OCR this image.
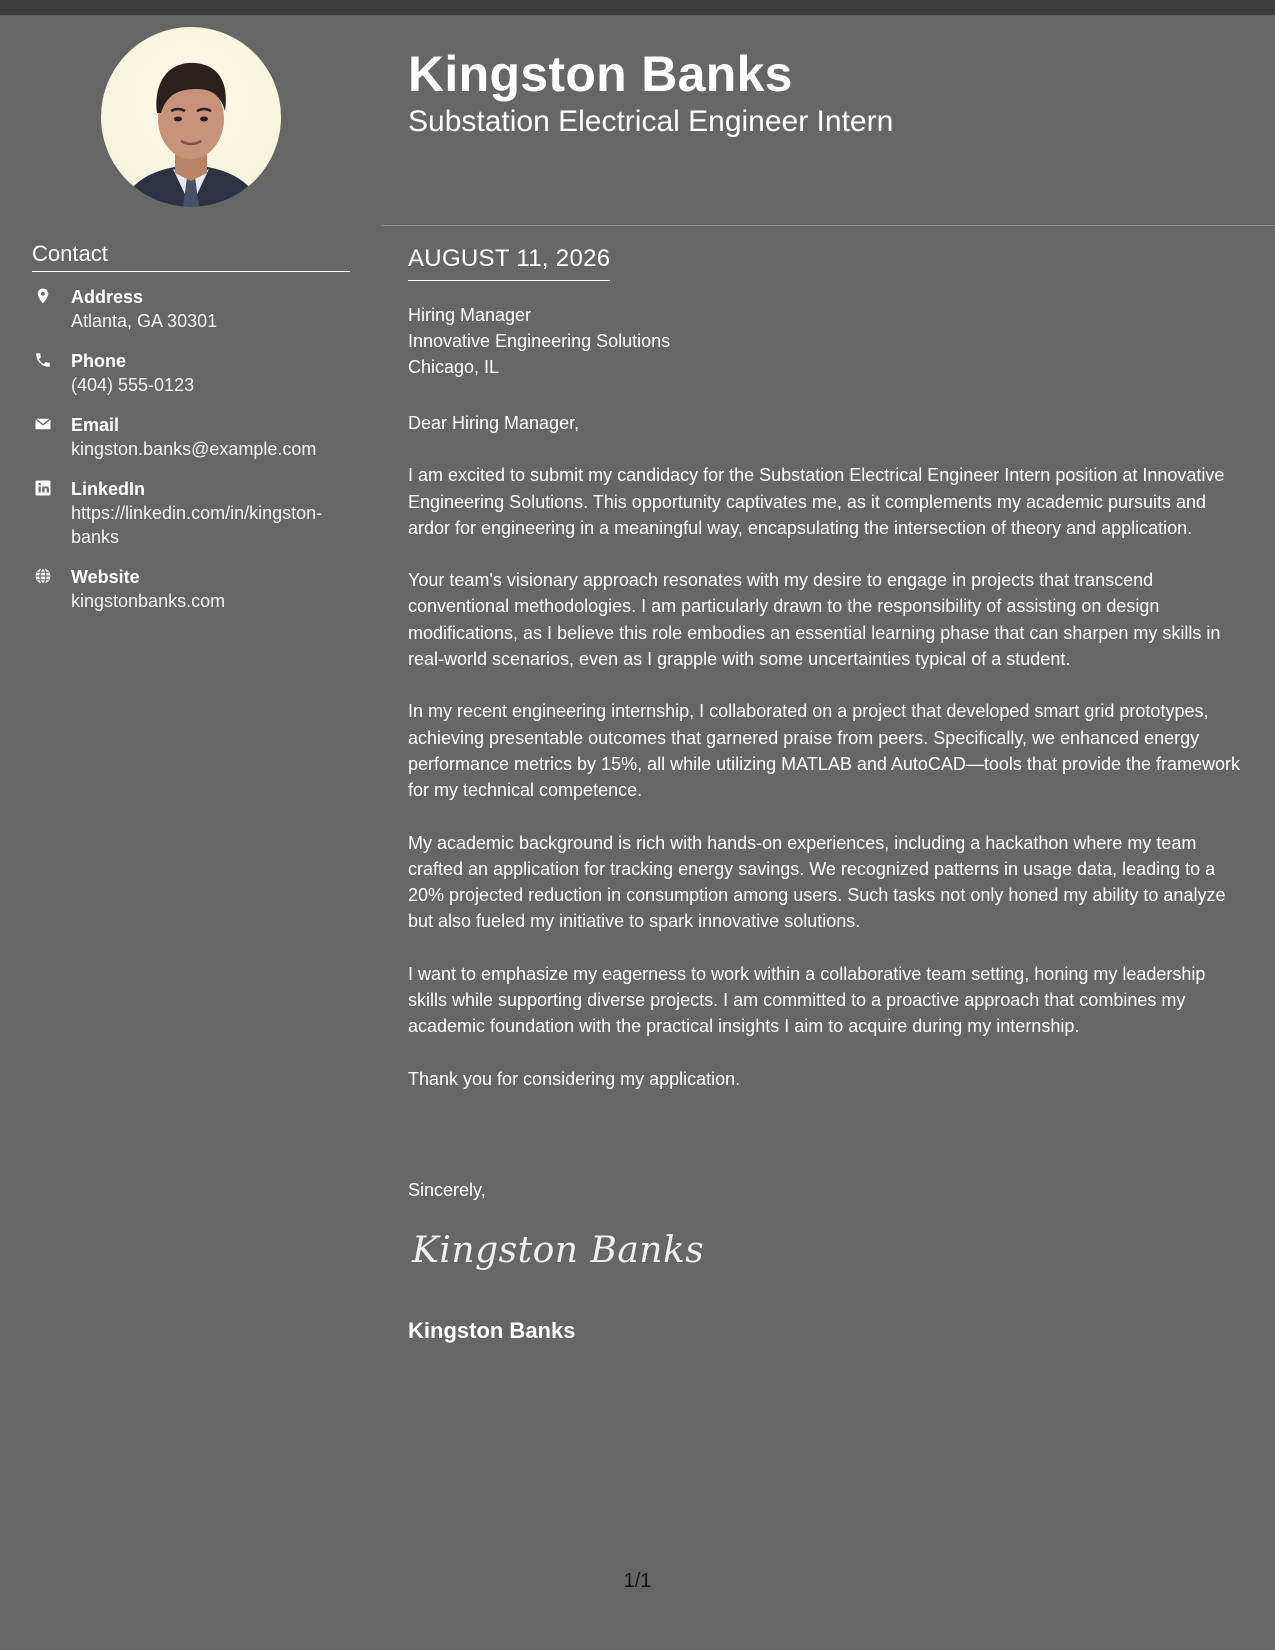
Contact
Address
Atlanta, GA 30301
Phone
(404) 555-0123
Email
kingston.banks@example.com
LinkedIn
https://linkedin.com/in/kingston-banks
Website
kingstonbanks.com
Kingston Banks
Substation Electrical Engineer Intern
AUGUST 11, 2026
Hiring Manager
Innovative Engineering Solutions
Chicago, IL

Dear Hiring Manager,

I am excited to submit my candidacy for the Substation Electrical Engineer Intern position at Innovative Engineering Solutions. This opportunity captivates me, as it complements my academic pursuits and ardor for engineering in a meaningful way, encapsulating the intersection of theory and application.

Your team's visionary approach resonates with my desire to engage in projects that transcend conventional methodologies. I am particularly drawn to the responsibility of assisting on design modifications, as I believe this role embodies an essential learning phase that can sharpen my skills in real-world scenarios, even as I grapple with some uncertainties typical of a student.

In my recent engineering internship, I collaborated on a project that developed smart grid prototypes, achieving presentable outcomes that garnered praise from peers. Specifically, we enhanced energy performance metrics by 15%, all while utilizing MATLAB and AutoCAD—tools that provide the framework for my technical competence.

My academic background is rich with hands-on experiences, including a hackathon where my team crafted an application for tracking energy savings. We recognized patterns in usage data, leading to a 20% projected reduction in consumption among users. Such tasks not only honed my ability to analyze but also fueled my initiative to spark innovative solutions.

I want to emphasize my eagerness to work within a collaborative team setting, honing my leadership skills while supporting diverse projects. I am committed to a proactive approach that combines my academic foundation with the practical insights I aim to acquire during my internship.

Thank you for considering my application.

Sincerely,
Kingston Banks
Kingston Banks
1/1
